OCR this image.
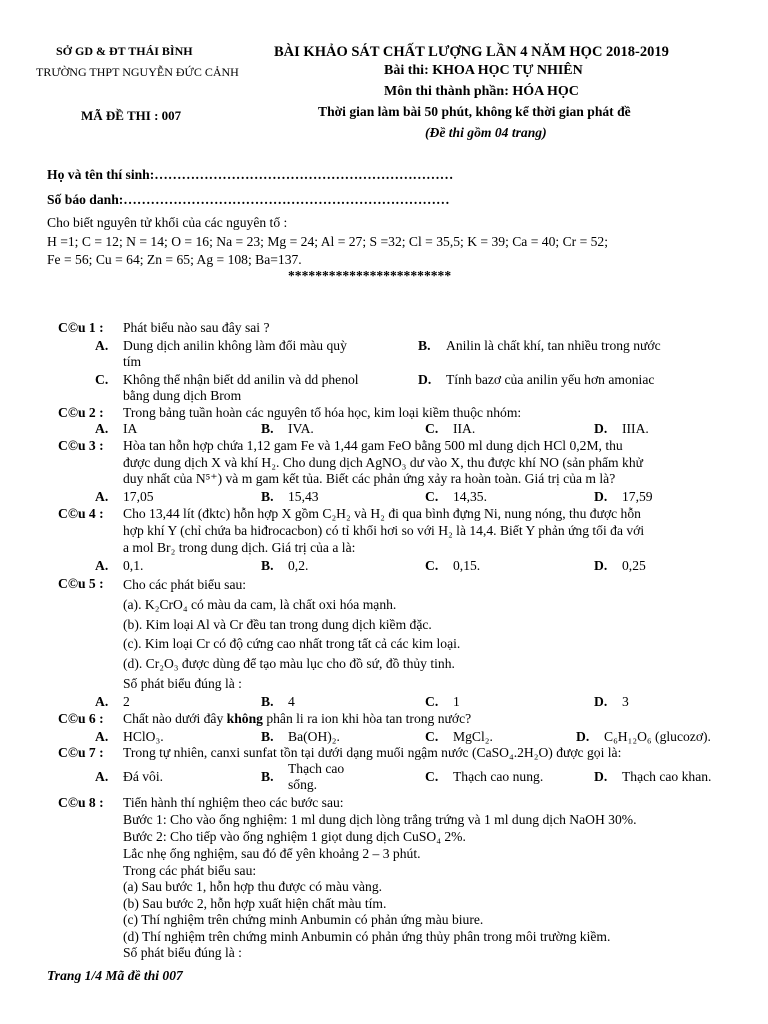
SỞ GD & ĐT THÁI BÌNH
TRƯỜNG THPT NGUYỄN ĐỨC CẢNH
MÃ ĐỀ THI : 007
BÀI KHẢO SÁT CHẤT LƯỢNG LẦN 4 NĂM HỌC 2018-2019
Bài thi: KHOA HỌC TỰ NHIÊN
Môn thi thành phần: HÓA HỌC
Thời gian làm bài 50 phút, không kể thời gian phát đề
(Đề thi gồm 04 trang)
Họ và tên thí sinh:…………………………………………………………
Số báo danh:………………………………………………………………
Cho biết nguyên tử khối của các nguyên tố :
H =1; C = 12; N = 14; O = 16; Na = 23; Mg = 24; Al = 27; S =32; Cl = 35,5; K = 39; Ca = 40; Cr = 52;
Fe = 56; Cu = 64; Zn = 65; Ag = 108; Ba=137.
************************
C©u 1 : Phát biểu nào sau đây sai ?
A. Dung dịch anilin không làm đổi màu quỳ
tím
B. Anilin là chất khí, tan nhiều trong nước
C. Không thể nhận biết dd anilin và dd phenol
bằng dung dịch Brom
D. Tính bazơ của anilin yếu hơn amoniac
C©u 2 : Trong bảng tuần hoàn các nguyên tố hóa học, kim loại kiềm thuộc nhóm:
A. IA	B. IVA.	C. IIA.	D. IIIA.
C©u 3 : Hòa tan hỗn hợp chứa 1,12 gam Fe và 1,44 gam FeO bằng 500 ml dung dịch HCl 0,2M, thu
được dung dịch X và khí H₂. Cho dung dịch AgNO₃ dư vào X, thu được khí NO (sản phẩm khử
duy nhất của N⁵⁺) và m gam kết tủa. Biết các phản ứng xảy ra hoàn toàn. Giá trị của m là?
A. 17,05	B. 15,43	C. 14,35.	D. 17,59
C©u 4 : Cho 13,44 lít (đktc) hỗn hợp X gồm C₂H₂ và H₂ đi qua bình đựng Ni, nung nóng, thu được hỗn
hợp khí Y (chỉ chứa ba hiđrocacbon) có tỉ khối hơi so với H₂ là 14,4. Biết Y phản ứng tối đa với
a mol Br₂ trong dung dịch. Giá trị của a là:
A. 0,1.	B. 0,2.	C. 0,15.	D. 0,25
C©u 5 : Cho các phát biểu sau:
(a). K₂CrO₄ có màu da cam, là chất oxi hóa mạnh.
(b). Kim loại Al và Cr đều tan trong dung dịch kiềm đặc.
(c). Kim loại Cr có độ cứng cao nhất trong tất cả các kim loại.
(d). Cr₂O₃ được dùng để tạo màu lục cho đồ sứ, đồ thủy tinh.
Số phát biểu đúng là :
A. 2	B. 4	C. 1	D. 3
C©u 6 : Chất nào dưới đây không phân li ra ion khi hòa tan trong nước?
A. HClO₃.	B. Ba(OH)₂.	C. MgCl₂.	D. C₆H₁₂O₆ (glucozơ).
C©u 7 : Trong tự nhiên, canxi sunfat tồn tại dưới dạng muối ngậm nước (CaSO₄.2H₂O) được gọi là:
A. Đá vôi.	B.
Thạch cao
sống.
C. Thạch cao nung.	D. Thạch cao khan.
C©u 8 : Tiến hành thí nghiệm theo các bước sau:
Bước 1: Cho vào ống nghiệm: 1 ml dung dịch lòng trắng trứng và 1 ml dung dịch NaOH 30%.
Bước 2: Cho tiếp vào ống nghiệm 1 giọt dung dịch CuSO₄ 2%.
Lắc nhẹ ống nghiệm, sau đó để yên khoảng 2 – 3 phút.
Trong các phát biểu sau:
(a) Sau bước 1, hỗn hợp thu được có màu vàng.
(b) Sau bước 2, hỗn hợp xuất hiện chất màu tím.
(c) Thí nghiệm trên chứng minh Anbumin có phản ứng màu biure.
(d) Thí nghiệm trên chứng minh Anbumin có phản ứng thủy phân trong môi trường kiềm.
Số phát biểu đúng là :
Trang 1/4 Mã đề thi 007
